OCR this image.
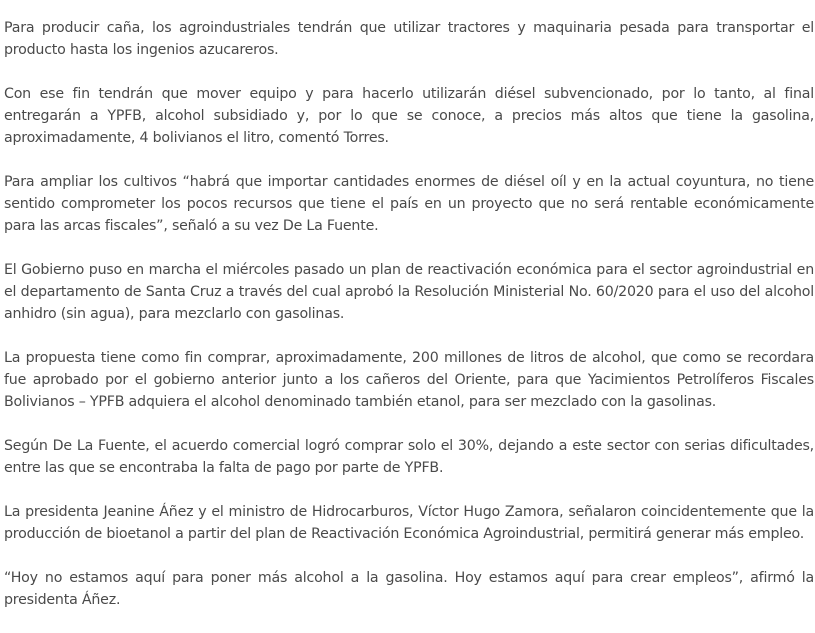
Para producir caña, los agroindustriales tendrán que utilizar tractores y maquinaria pesada para transportar el producto hasta los ingenios azucareros.

Con ese fin tendrán que mover equipo y para hacerlo utilizarán diésel subvencionado, por lo tanto, al final entregarán a YPFB, alcohol subsidiado y, por lo que se conoce, a precios más altos que tiene la gasolina, aproximadamente, 4 bolivianos el litro, comentó Torres.

Para ampliar los cultivos “habrá que importar cantidades enormes de diésel oíl y en la actual coyuntura, no tiene sentido comprometer los pocos recursos que tiene el país en un proyecto que no será rentable económicamente para las arcas fiscales”, señaló a su vez De La Fuente.

El Gobierno puso en marcha el miércoles pasado un plan de reactivación económica para el sector agroindustrial en el departamento de Santa Cruz a través del cual aprobó la Resolución Ministerial No. 60/2020 para el uso del alcohol anhidro (sin agua), para mezclarlo con gasolinas.

La propuesta tiene como fin comprar, aproximadamente, 200 millones de litros de alcohol, que como se recordara fue aprobado por el gobierno anterior junto a los cañeros del Oriente, para que Yacimientos Petrolíferos Fiscales Bolivianos – YPFB adquiera el alcohol denominado también etanol, para ser mezclado con la gasolinas.

Según De La Fuente, el acuerdo comercial logró comprar solo el 30%, dejando a este sector con serias dificultades, entre las que se encontraba la falta de pago por parte de YPFB.

La presidenta Jeanine Áñez y el ministro de Hidrocarburos, Víctor Hugo Zamora, señalaron coincidentemente que la producción de bioetanol a partir del plan de Reactivación Económica Agroindustrial, permitirá generar más empleo.

“Hoy no estamos aquí para poner más alcohol a la gasolina. Hoy estamos aquí para crear empleos”, afirmó la presidenta Áñez.
